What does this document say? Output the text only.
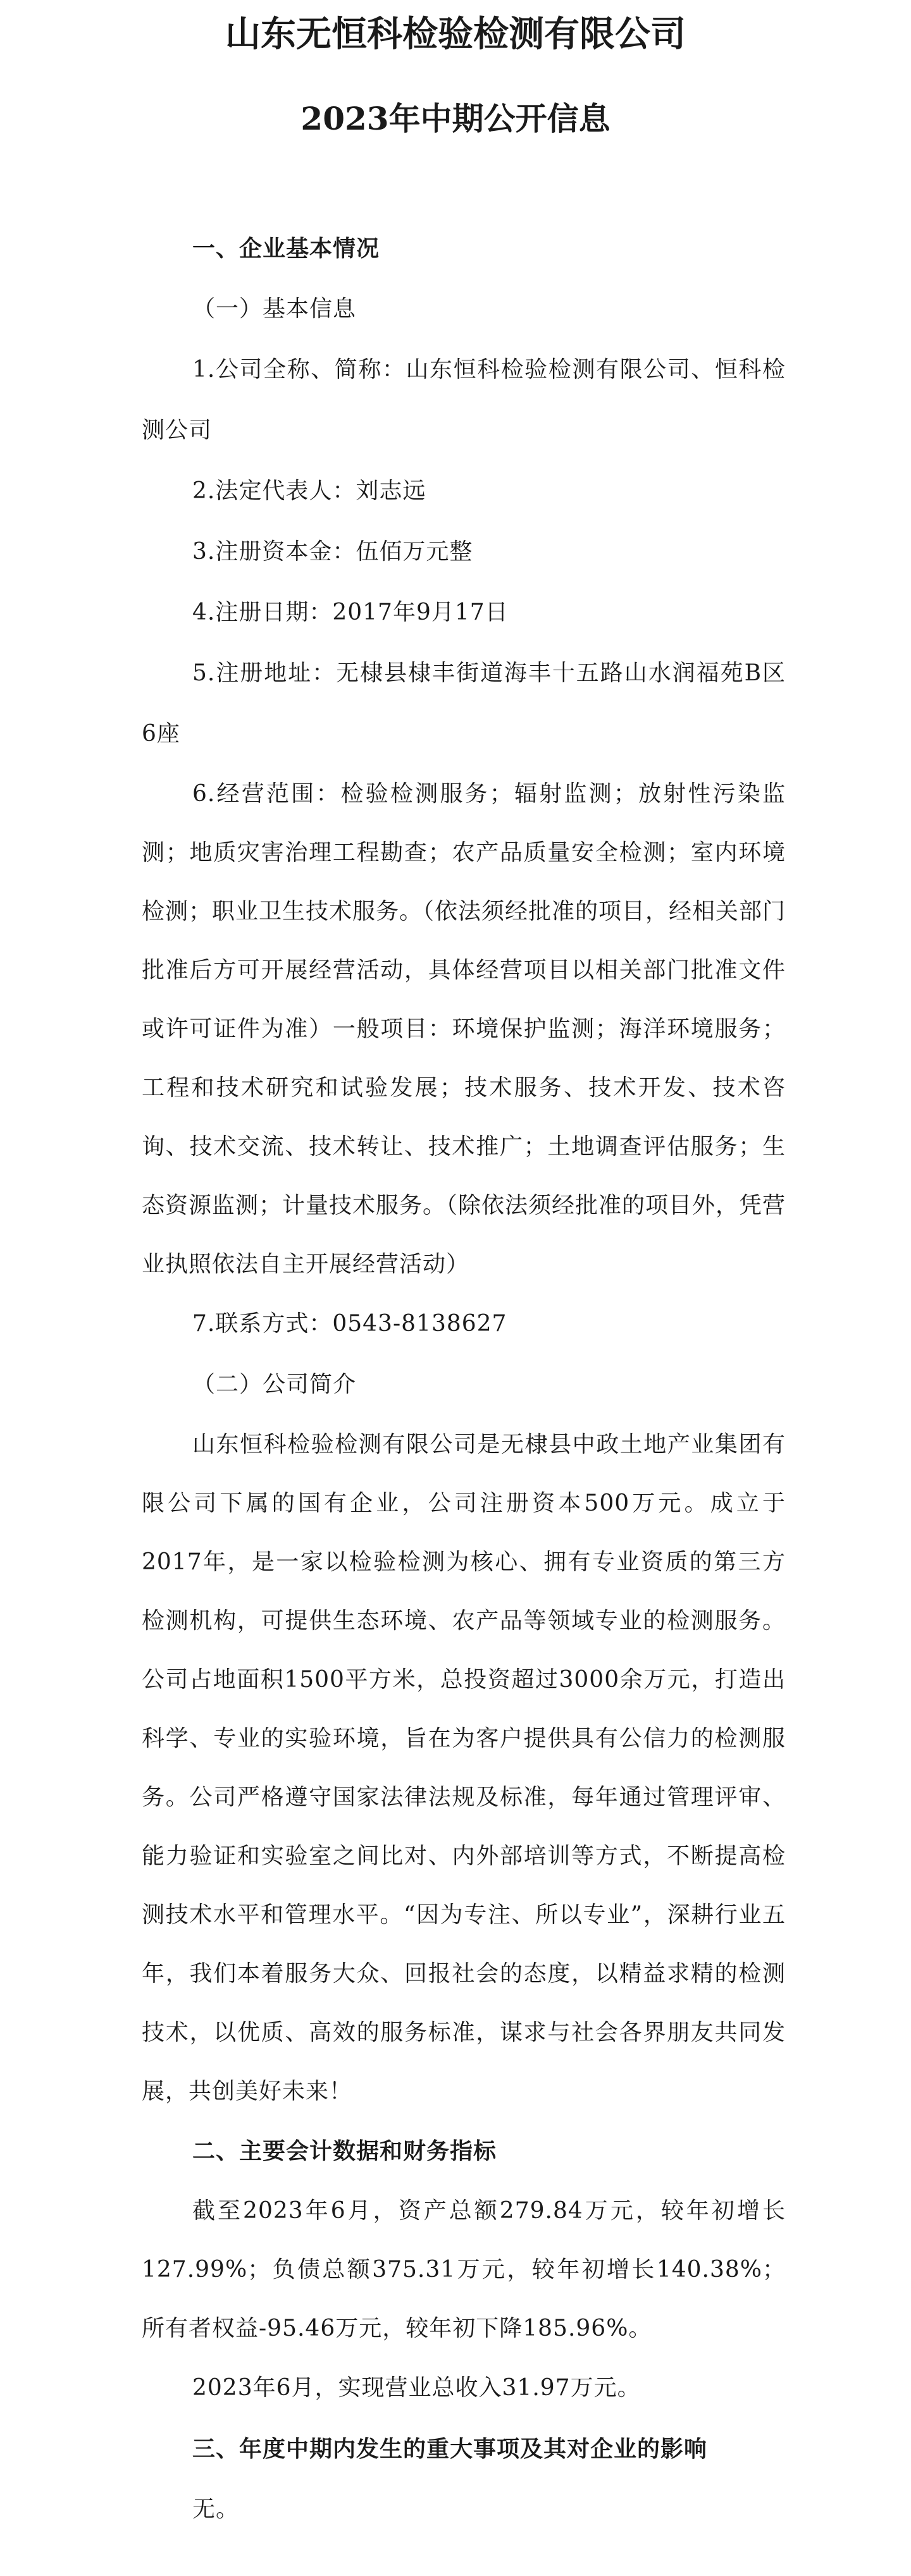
山东无恒科检验检测有限公司
2023年中期公开信息

一、企业基本情况

（一）基本信息

1.公司全称、简称：山东恒科检验检测有限公司、恒科检测公司

2.法定代表人：刘志远

3.注册资本金：伍佰万元整

4.注册日期：2017年9月17日

5.注册地址：无棣县棣丰街道海丰十五路山水润福苑B区6座

6.经营范围：检验检测服务；辐射监测；放射性污染监测；地质灾害治理工程勘查；农产品质量安全检测；室内环境检测；职业卫生技术服务。（依法须经批准的项目，经相关部门批准后方可开展经营活动，具体经营项目以相关部门批准文件或许可证件为准）一般项目：环境保护监测；海洋环境服务；工程和技术研究和试验发展；技术服务、技术开发、技术咨询、技术交流、技术转让、技术推广；土地调查评估服务；生态资源监测；计量技术服务。（除依法须经批准的项目外，凭营业执照依法自主开展经营活动）

7.联系方式：0543-8138627

（二）公司简介

山东恒科检验检测有限公司是无棣县中政土地产业集团有限公司下属的国有企业，公司注册资本500万元。成立于2017年，是一家以检验检测为核心、拥有专业资质的第三方检测机构，可提供生态环境、农产品等领域专业的检测服务。公司占地面积1500平方米，总投资超过3000余万元，打造出科学、专业的实验环境，旨在为客户提供具有公信力的检测服务。公司严格遵守国家法律法规及标准，每年通过管理评审、能力验证和实验室之间比对、内外部培训等方式，不断提高检测技术水平和管理水平。“因为专注、所以专业”，深耕行业五年，我们本着服务大众、回报社会的态度，以精益求精的检测技术，以优质、高效的服务标准，谋求与社会各界朋友共同发展，共创美好未来！

二、主要会计数据和财务指标

截至2023年6月，资产总额279.84万元，较年初增长127.99%；负债总额375.31万元，较年初增长140.38%；所有者权益-95.46万元，较年初下降185.96%。

2023年6月，实现营业总收入31.97万元。

三、年度中期内发生的重大事项及其对企业的影响

无。
